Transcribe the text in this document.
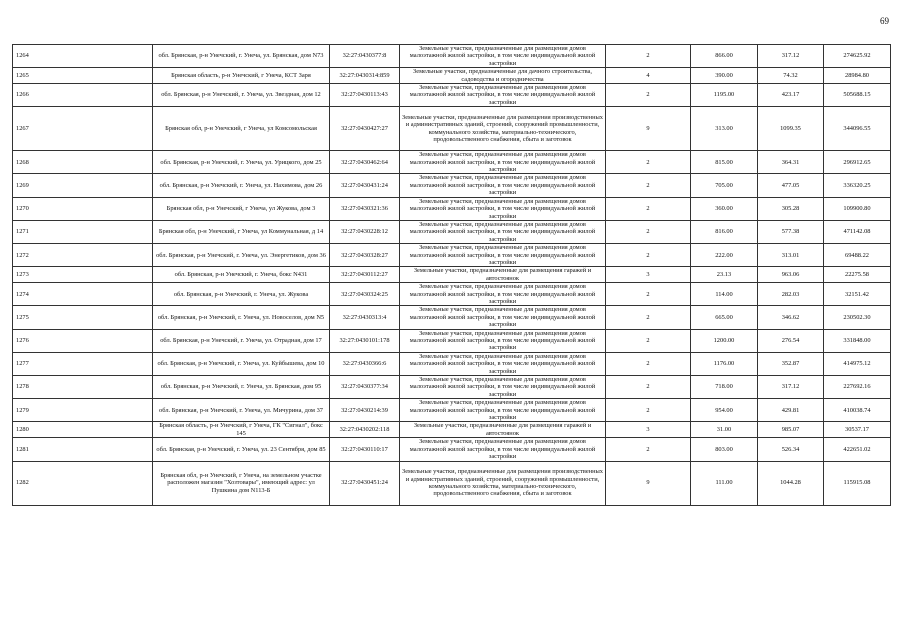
69
1264	обл. Брянская, р-н Унечский, г. Унеча, ул. Брянская, дом N73	32:27:0430377:8	Земельные участки, предназначенные для размещения домов малоэтажной жилой застройки, в том числе индивидуальной жилой застройки	2	866.00	317.12	274625.92
1265	Брянская область, р-н Унечский, г Унеча, КСТ Заря	32:27:0430314:859	Земельные участки, предназначенные для дачного строительства, садоводства и огородничества	4	390.00	74.32	28984.80
1266	обл. Брянская, р-н Унечский, г. Унеча, ул. Звездная, дом 12	32:27:0430113:43	Земельные участки, предназначенные для размещения домов малоэтажной жилой застройки, в том числе индивидуальной жилой застройки	2	1195.00	423.17	505688.15
1267	Брянская обл, р-н Унечский, г Унеча, ул Комсомольская	32:27:0430427:27	Земельные участки, предназначенные для размещения производственных и административных зданий, строений, сооружений промышленности, коммунального хозяйства, материально-технического, продовольственного снабжения, сбыта и заготовок	9	313.00	1099.35	344096.55
1268	обл. Брянская, р-н Унечский, г. Унеча, ул. Урицкого, дом 25	32:27:0430462:64	Земельные участки, предназначенные для размещения домов малоэтажной жилой застройки, в том числе индивидуальной жилой застройки	2	815.00	364.31	296912.65
1269	обл. Брянская, р-н Унечский, г. Унеча, ул. Нахимова, дом 26	32:27:0430431:24	Земельные участки, предназначенные для размещения домов малоэтажной жилой застройки, в том числе индивидуальной жилой застройки	2	705.00	477.05	336320.25
1270	Брянская обл, р-н Унечский, г Унеча, ул Жукова, дом 3	32:27:0430321:36	Земельные участки, предназначенные для размещения домов малоэтажной жилой застройки, в том числе индивидуальной жилой застройки	2	360.00	305.28	109900.80
1271	Брянская обл, р-н Унечский, г Унеча, ул Коммунальная, д 14	32:27:0430228:12	Земельные участки, предназначенные для размещения домов малоэтажной жилой застройки, в том числе индивидуальной жилой застройки	2	816.00	577.38	471142.08
1272	обл. Брянская, р-н Унечский, г. Унеча, ул. Энергетиков, дом 36	32:27:0430328:27	Земельные участки, предназначенные для размещения домов малоэтажной жилой застройки, в том числе индивидуальной жилой застройки	2	222.00	313.01	69488.22
1273	обл. Брянская, р-н Унечский, г. Унеча, бокс N431	32:27:0430112:27	Земельные участки, предназначенные для размещения гаражей и автостоянок	3	23.13	963.06	22275.58
1274	обл. Брянская, р-н Унечский, г. Унеча, ул. Жукова	32:27:0430324:25	Земельные участки, предназначенные для размещения домов малоэтажной жилой застройки, в том числе индивидуальной жилой застройки	2	114.00	282.03	32151.42
1275	обл. Брянская, р-н Унечский, г. Унеча, ул. Новоселов, дом N5	32:27:0430313:4	Земельные участки, предназначенные для размещения домов малоэтажной жилой застройки, в том числе индивидуальной жилой застройки	2	665.00	346.62	230502.30
1276	обл. Брянская, р-н Унечский, г. Унеча, ул. Отрадная, дом 17	32:27:0430101:178	Земельные участки, предназначенные для размещения домов малоэтажной жилой застройки, в том числе индивидуальной жилой застройки	2	1200.00	276.54	331848.00
1277	обл. Брянская, р-н Унечский, г. Унеча, ул. Куйбышева, дом 10	32:27:0430366:6	Земельные участки, предназначенные для размещения домов малоэтажной жилой застройки, в том числе индивидуальной жилой застройки	2	1176.00	352.87	414975.12
1278	обл. Брянская, р-н Унечский, г. Унеча, ул. Брянская, дом 95	32:27:0430377:34	Земельные участки, предназначенные для размещения домов малоэтажной жилой застройки, в том числе индивидуальной жилой застройки	2	718.00	317.12	227692.16
1279	обл. Брянская, р-н Унечский, г. Унеча, ул. Мичурина, дом 37	32:27:0430214:39	Земельные участки, предназначенные для размещения домов малоэтажной жилой застройки, в том числе индивидуальной жилой застройки	2	954.00	429.81	410038.74
1280	Брянская область, р-н Унечский, г Унеча, ГК "Сигнал", бокс 145	32:27:0430202:118	Земельные участки, предназначенные для размещения гаражей и автостоянок	3	31.00	985.07	30537.17
1281	обл. Брянская, р-н Унечский, г. Унеча, ул. 23 Сентября, дом 85	32:27:0430110:17	Земельные участки, предназначенные для размещения домов малоэтажной жилой застройки, в том числе индивидуальной жилой застройки	2	803.00	526.34	422651.02
1282	Брянская обл, р-н Унечский, г Унеча, на земельном участке расположен магазин "Хозтовары", имеющий адрес: ул Пушкина дом N113-Б	32:27:0430451:24	Земельные участки, предназначенные для размещения производственных и административных зданий, строений, сооружений промышленности, коммунального хозяйства, материально-технического, продовольственного снабжения, сбыта и заготовок	9	111.00	1044.28	115915.08
